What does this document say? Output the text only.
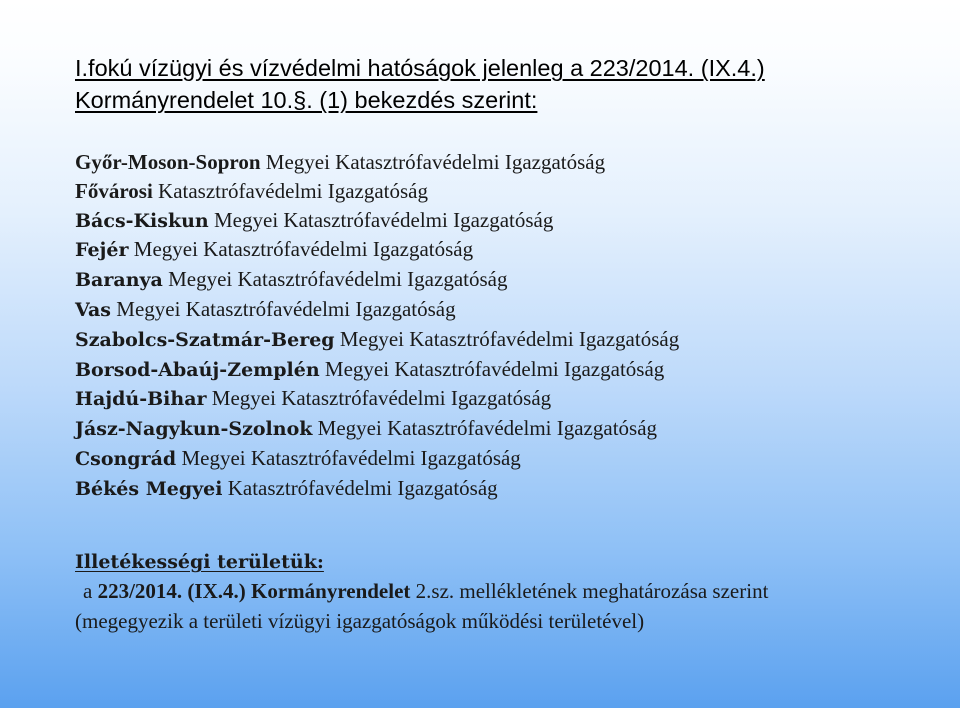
I.fokú vízügyi és vízvédelmi hatóságok jelenleg a 223/2014. (IX.4.)
Kormányrendelet 10.§. (1) bekezdés szerint:
Győr-Moson-Sopron Megyei Katasztrófavédelmi Igazgatóság
Fővárosi Katasztrófavédelmi Igazgatóság
Bács-Kiskun Megyei Katasztrófavédelmi Igazgatóság
Fejér Megyei Katasztrófavédelmi Igazgatóság
Baranya Megyei Katasztrófavédelmi Igazgatóság
Vas Megyei Katasztrófavédelmi Igazgatóság
Szabolcs-Szatmár-Bereg Megyei Katasztrófavédelmi Igazgatóság
Borsod-Abaúj-Zemplén Megyei Katasztrófavédelmi Igazgatóság
Hajdú-Bihar Megyei Katasztrófavédelmi Igazgatóság
Jász-Nagykun-Szolnok Megyei Katasztrófavédelmi Igazgatóság
Csongrád Megyei Katasztrófavédelmi Igazgatóság
Békés Megyei Katasztrófavédelmi Igazgatóság
Illetékességi területük:
a 223/2014. (IX.4.) Kormányrendelet 2.sz. mellékletének meghatározása szerint
(megegyezik a területi vízügyi igazgatóságok működési területével)
